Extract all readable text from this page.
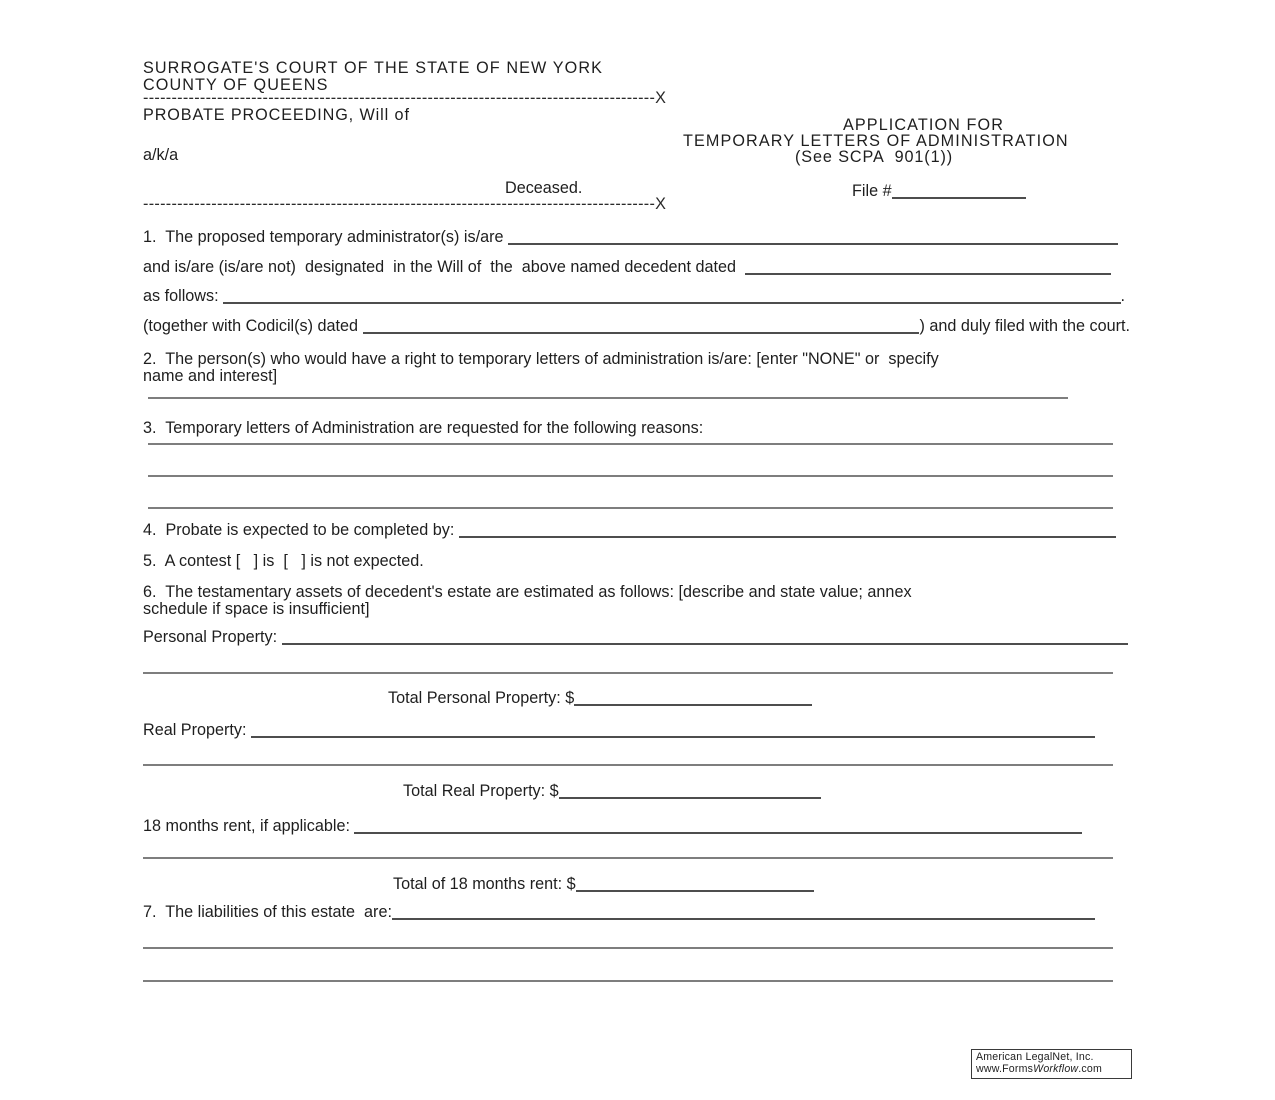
SURROGATE'S COURT OF THE STATE OF NEW YORK
COUNTY OF QUEENS
------------------------------------------------------------------------------------------X
PROBATE PROCEEDING, Will of
APPLICATION FOR
TEMPORARY LETTERS OF ADMINISTRATION
(See SCPA  901(1))
a/k/a
Deceased.	File #
------------------------------------------------------------------------------------------X
1.  The proposed temporary administrator(s) is/are
and is/are (is/are not)  designated  in the Will of  the  above named decedent dated
as follows:	.
(together with Codicil(s) dated	) and duly filed with the court.
2.  The person(s) who would have a right to temporary letters of administration is/are: [enter "NONE" or  specify
name and interest]
3.  Temporary letters of Administration are requested for the following reasons:
4.  Probate is expected to be completed by:
5.  A contest [   ] is  [   ] is not expected.
6.  The testamentary assets of decedent's estate are estimated as follows: [describe and state value; annex
schedule if space is insufficient]
Personal Property:
Total Personal Property: $
Real Property:
Total Real Property: $
18 months rent, if applicable:
Total of 18 months rent: $
7.  The liabilities of this estate  are:
American LegalNet, Inc.
www.FormsWorkflow.com
